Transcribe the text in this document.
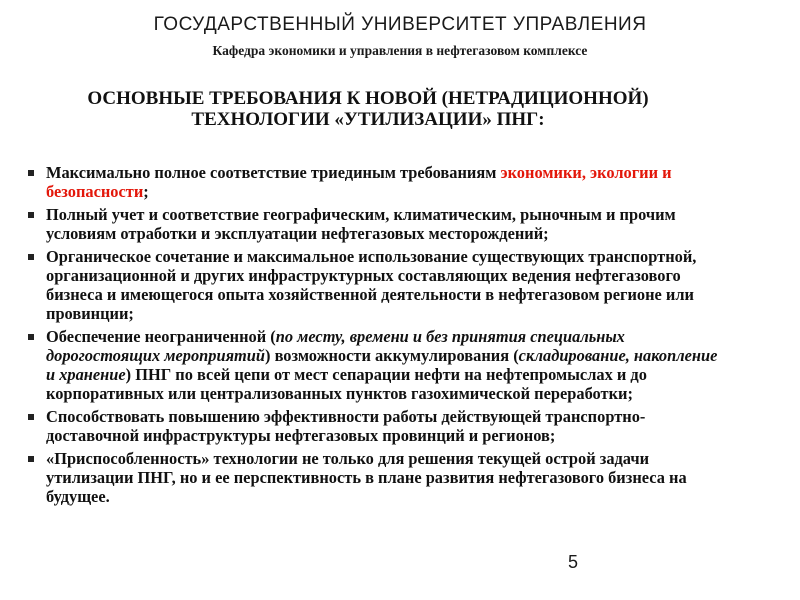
ГОСУДАРСТВЕННЫЙ УНИВЕРСИТЕТ УПРАВЛЕНИЯ
Кафедра экономики и управления в нефтегазовом комплексе
ОСНОВНЫЕ ТРЕБОВАНИЯ К НОВОЙ (НЕТРАДИЦИОННОЙ)
ТЕХНОЛОГИИ «УТИЛИЗАЦИИ» ПНГ:
Максимально полное соответствие триединым требованиям экономики, экологии и безопасности;
Полный учет и соответствие географическим, климатическим, рыночным и прочим условиям отработки и эксплуатации нефтегазовых месторождений;
Органическое сочетание и максимальное использование существующих транспортной, организационной и других инфраструктурных составляющих ведения нефтегазового бизнеса и имеющегося опыта хозяйственной деятельности в нефтегазовом регионе или провинции;
Обеспечение неограниченной (по месту, времени и без принятия специальных дорогостоящих мероприятий) возможности аккумулирования (складирование, накопление и хранение) ПНГ по всей цепи от мест сепарации нефти на нефтепромыслах и до корпоративных или централизованных пунктов газохимической переработки;
Способствовать повышению эффективности работы действующей транспортно-доставочной инфраструктуры нефтегазовых провинций и регионов;
«Приспособленность» технологии не только для решения текущей острой задачи утилизации ПНГ, но и ее перспективность в плане развития нефтегазового бизнеса на будущее.
5
